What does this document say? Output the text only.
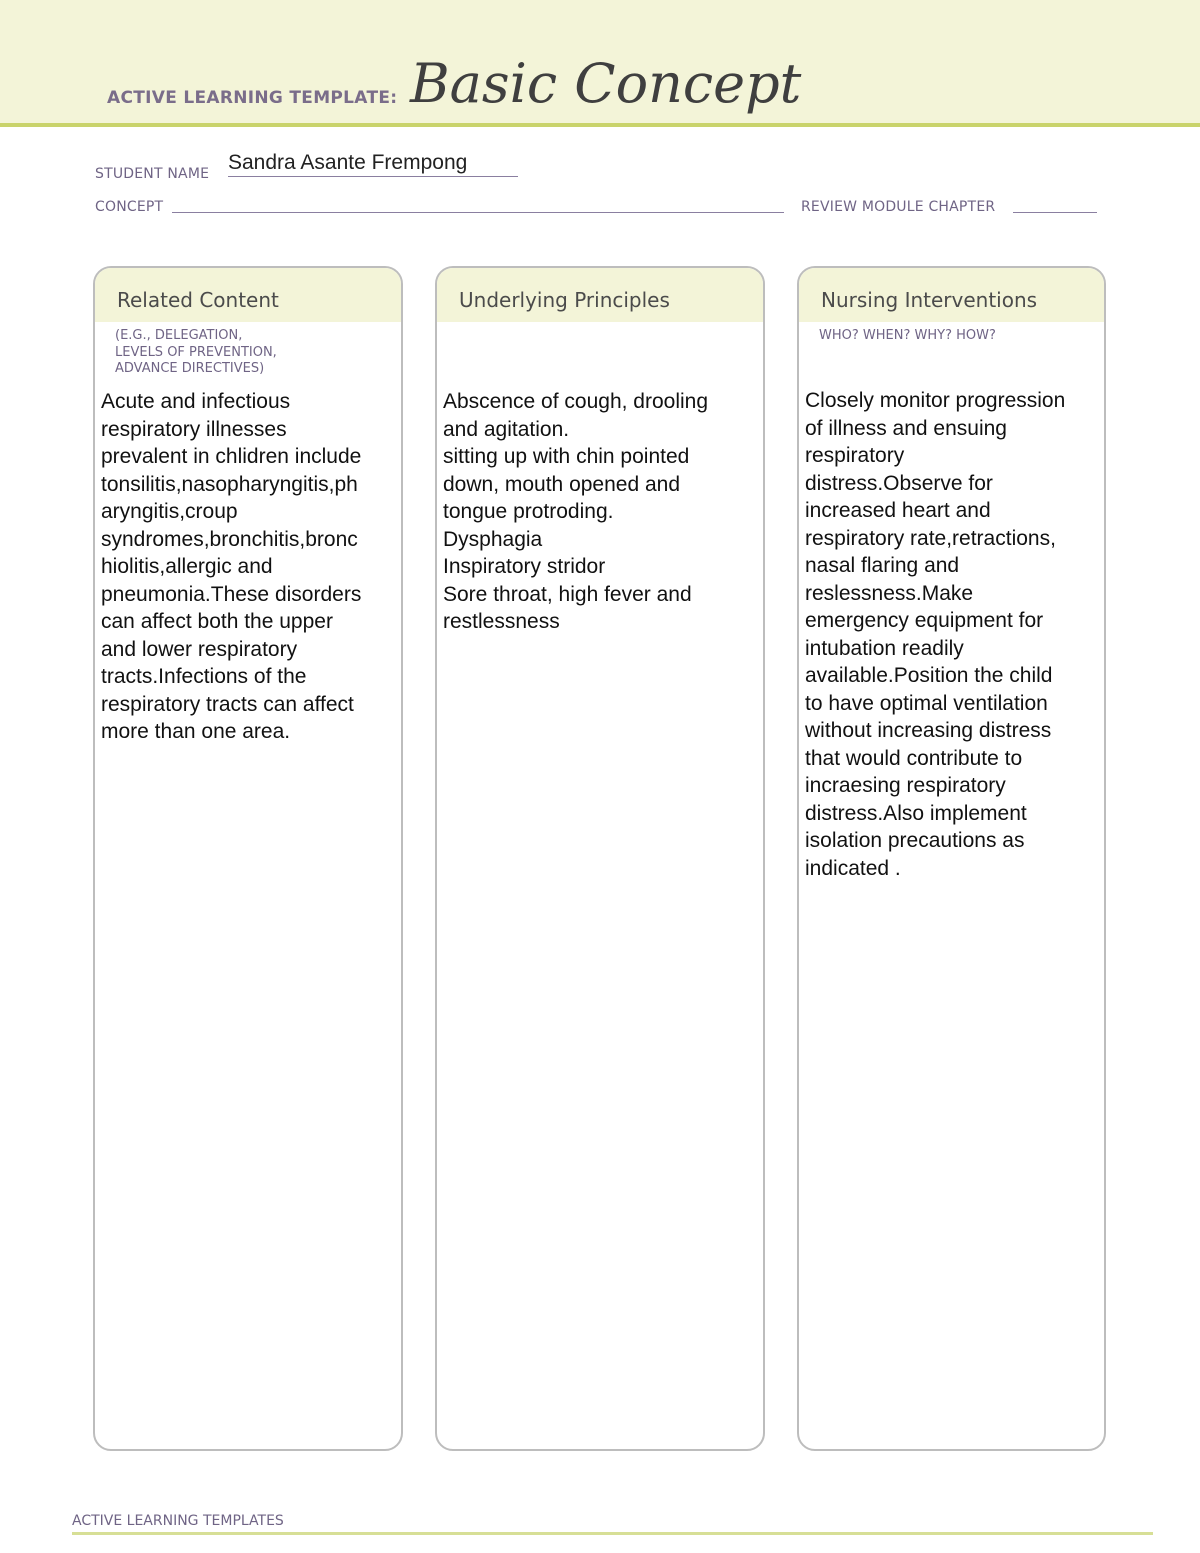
ACTIVE LEARNING TEMPLATE: Basic Concept
STUDENT NAME Sandra Asante Frempong
CONCEPT	REVIEW MODULE CHAPTER
Related Content
(E.G., DELEGATION,
LEVELS OF PREVENTION,
ADVANCE DIRECTIVES)
Acute and infectious
respiratory illnesses
prevalent in chlidren include
tonsilitis,nasopharyngitis,ph
aryngitis,croup
syndromes,bronchitis,bronc
hiolitis,allergic and
pneumonia.These disorders
can affect both the upper
and lower respiratory
tracts.Infections of the
respiratory tracts can affect
more than one area.
Underlying Principles
Abscence of cough, drooling
and agitation.
sitting up with chin pointed
down, mouth opened and
tongue protroding.
Dysphagia
Inspiratory stridor
Sore throat, high fever and
restlessness
Nursing Interventions
WHO? WHEN? WHY? HOW?
Closely monitor progression
of illness and ensuing
respiratory
distress.Observe for
increased heart and
respiratory rate,retractions,
nasal flaring and
reslessness.Make
emergency equipment for
intubation readily
available.Position the child
to have optimal ventilation
without increasing distress
that would contribute to
incraesing respiratory
distress.Also implement
isolation precautions as
indicated .
ACTIVE LEARNING TEMPLATES
